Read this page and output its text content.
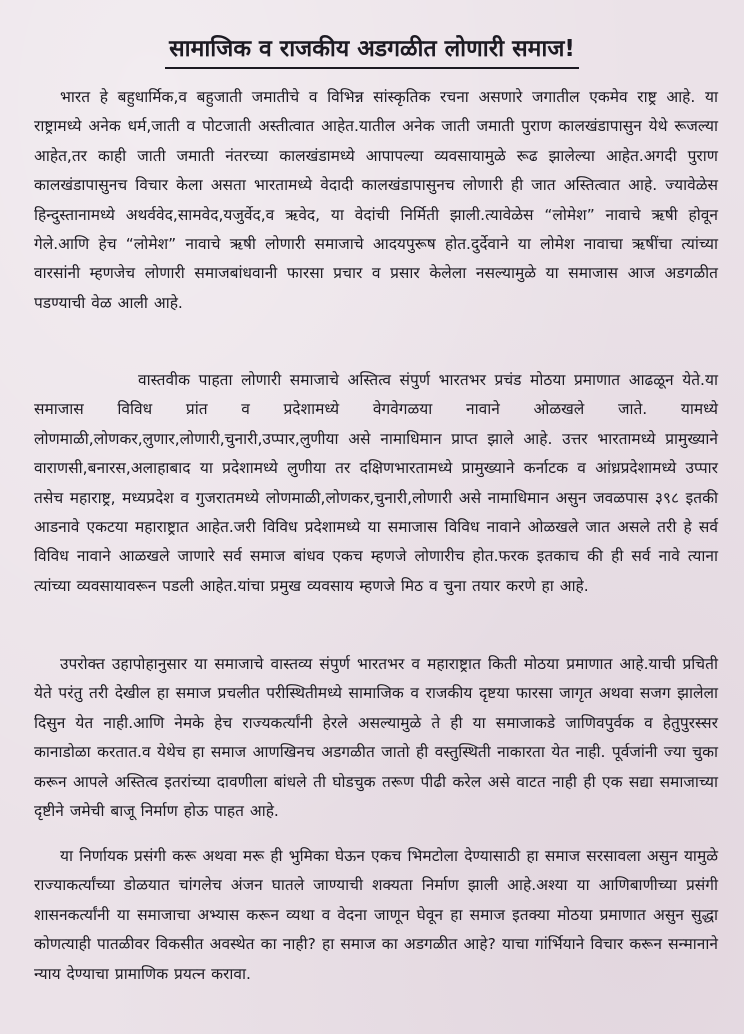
सामाजिक व राजकीय अडगळीत लोणारी समाज!

भारत हे बहुधार्मिक,व बहुजाती जमातीचे व विभिन्न सांस्कृतिक रचना असणारे जगातील एकमेव राष्ट्र आहे. या राष्ट्रामध्ये अनेक धर्म,जाती व पोटजाती अस्तीत्वात आहेत.यातील अनेक जाती जमाती पुराण कालखंडापासुन येथे रूजल्या आहेत,तर काही जाती जमाती नंतरच्या कालखंडामध्ये आपापल्या व्यवसायामुळे रूढ झालेल्या आहेत.अगदी पुराण कालखंडापासुनच विचार केला असता भारतामध्ये वेदादी कालखंडापासुनच लोणारी ही जात अस्तित्वात आहे. ज्यावेळेस हिन्दुस्तानामध्ये अथर्ववेद,सामवेद,यजुर्वेद,व ऋवेद, या वेदांची निर्मिती झाली.त्यावेळेस “लोमेश” नावाचे ऋषी होवून गेले.आणि हेच “लोमेश” नावाचे ऋषी लोणारी समाजाचे आदयपुरूष होत.दुर्देवाने या लोमेश नावाचा ऋषींचा त्यांच्या वारसांनी म्हणजेच लोणारी समाजबांधवानी फारसा प्रचार व प्रसार केलेला नसल्यामुळे या समाजास आज अडगळीत पडण्याची वेळ आली आहे.

वास्तवीक पाहता लोणारी समाजाचे अस्तित्व संपुर्ण भारतभर प्रचंड मोठया प्रमाणात आढळून येते.या समाजास विविध प्रांत व प्रदेशामध्ये वेगवेगळया नावाने ओळखले जाते. यामध्ये लोणमाळी,लोणकर,लुणार,लोणारी,चुनारी,उप्पार,लुणीया असे नामाधिमान प्राप्त झाले आहे. उत्तर भारतामध्ये प्रामुख्याने वाराणसी,बनारस,अलाहाबाद या प्रदेशामध्ये लुणीया तर दक्षिणभारतामध्ये प्रामुख्याने कर्नाटक व आंध्रप्रदेशामध्ये उप्पार तसेच महाराष्ट्र, मध्यप्रदेश व गुजरातमध्ये लोणमाळी,लोणकर,चुनारी,लोणारी असे नामाधिमान असुन जवळपास ३९८ इतकी आडनावे एकटया महाराष्ट्रात आहेत.जरी विविध प्रदेशामध्ये या समाजास विविध नावाने ओळखले जात असले तरी हे सर्व विविध नावाने आळखले जाणारे सर्व समाज बांधव एकच म्हणजे लोणारीच होत.फरक इतकाच की ही सर्व नावे त्याना त्यांच्या व्यवसायावरून पडली आहेत.यांचा प्रमुख व्यवसाय म्हणजे मिठ व चुना तयार करणे हा आहे.

उपरोक्त उहापोहानुसार या समाजाचे वास्तव्य संपुर्ण भारतभर व महाराष्ट्रात किती मोठया प्रमाणात आहे.याची प्रचिती येते परंतु तरी देखील हा समाज प्रचलीत परीस्थितीमध्ये सामाजिक व राजकीय दृष्टया फारसा जागृत अथवा सजग झालेला दिसुन येत नाही.आणि नेमके हेच राज्यकर्त्यांनी हेरले असल्यामुळे ते ही या समाजाकडे जाणिवपुर्वक व हेतुपुरस्सर कानाडोळा करतात.व येथेच हा समाज आणखिनच अडगळीत जातो ही वस्तुस्थिती नाकारता येत नाही. पूर्वजांनी ज्या चुका करून आपले अस्तित्व इतरांच्या दावणीला बांधले ती घोडचुक तरूण पीढी करेल असे वाटत नाही ही एक सद्या समाजाच्या दृष्टीने जमेची बाजू निर्माण होऊ पाहत आहे.

या निर्णायक प्रसंगी करू अथवा मरू ही भुमिका घेऊन एकच भिमटोला देण्यासाठी हा समाज सरसावला असुन यामुळे राज्याकर्त्यांच्या डोळयात चांगलेच अंजन घातले जाण्याची शक्यता निर्माण झाली आहे.अश्या या आणिबाणीच्या प्रसंगी शासनकर्त्यांनी या समाजाचा अभ्यास करून व्यथा व वेदना जाणून घेवून हा समाज इतक्या मोठया प्रमाणात असुन सुद्धा कोणत्याही पातळीवर विकसीत अवस्थेत का नाही? हा समाज का अडगळीत आहे? याचा गांर्भियाने विचार करून सन्मानाने न्याय देण्याचा प्रामाणिक प्रयत्न करावा.
